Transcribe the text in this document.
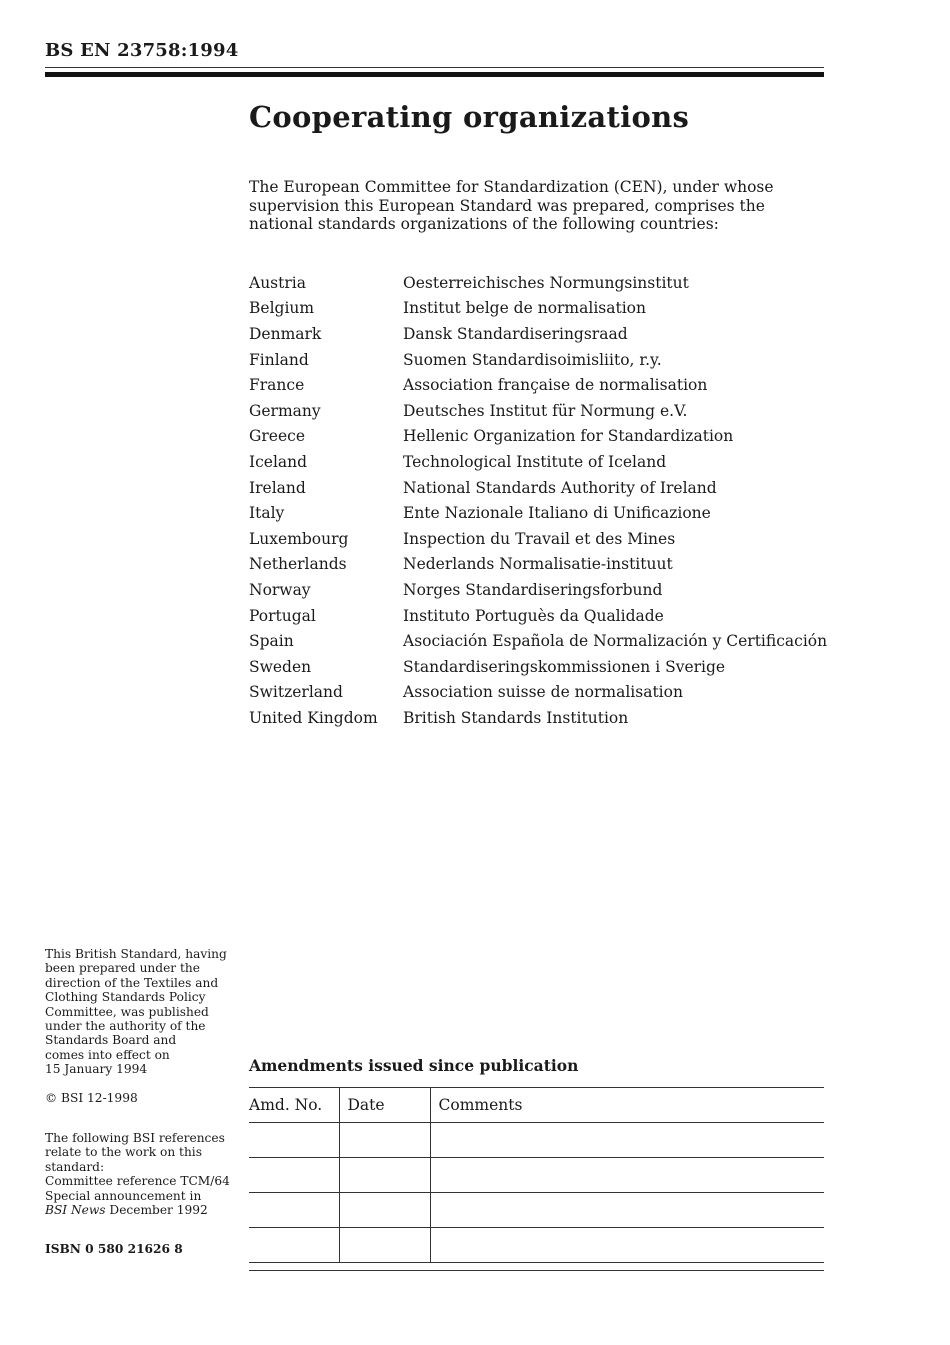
BS EN 23758:1994
Cooperating organizations

The European Committee for Standardization (CEN), under whose supervision this European Standard was prepared, comprises the national standards organizations of the following countries:

Austria	Oesterreichisches Normungsinstitut
Belgium	Institut belge de normalisation
Denmark	Dansk Standardiseringsraad
Finland	Suomen Standardisoimisliito, r.y.
France	Association française de normalisation
Germany	Deutsches Institut für Normung e.V.
Greece	Hellenic Organization for Standardization
Iceland	Technological Institute of Iceland
Ireland	National Standards Authority of Ireland
Italy	Ente Nazionale Italiano di Unificazione
Luxembourg	Inspection du Travail et des Mines
Netherlands	Nederlands Normalisatie-instituut
Norway	Norges Standardiseringsforbund
Portugal	Instituto Portuguès da Qualidade
Spain	Asociación Española de Normalización y Certificación
Sweden	Standardiseringskommissionen i Sverige
Switzerland	Association suisse de normalisation
United Kingdom	British Standards Institution

This British Standard, having
been prepared under the
direction of the Textiles and
Clothing Standards Policy
Committee, was published
under the authority of the
Standards Board and
comes into effect on
15 January 1994

© BSI 12-1998

The following BSI references
relate to the work on this
standard:
Committee reference TCM/64
Special announcement in
BSI News December 1992

ISBN 0 580 21626 8

Amendments issued since publication

Amd. No.	Date	Comments
